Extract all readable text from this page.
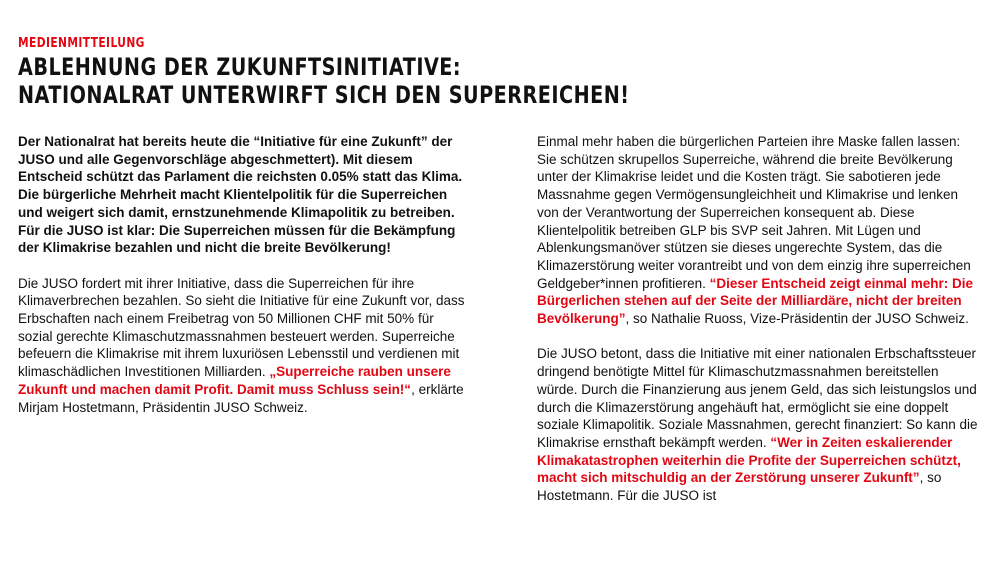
MEDIENMITTEILUNG
ABLEHNUNG DER ZUKUNFTSINITIATIVE:
NATIONALRAT UNTERWIRFT SICH DEN SUPERREICHEN!

Der Nationalrat hat bereits heute die “Initiative für eine Zukunft” der JUSO und alle Gegenvorschläge abgeschmettert). Mit diesem Entscheid schützt das Parlament die reichsten 0.05% statt das Klima. Die bürgerliche Mehrheit macht Klientelpolitik für die Superreichen und weigert sich damit, ernstzunehmende Klimapolitik zu betreiben. Für die JUSO ist klar: Die Superreichen müssen für die Bekämpfung der Klimakrise bezahlen und nicht die breite Bevölkerung!

Die JUSO fordert mit ihrer Initiative, dass die Superreichen für ihre Klimaverbrechen bezahlen. So sieht die Initiative für eine Zukunft vor, dass Erbschaften nach einem Freibetrag von 50 Millionen CHF mit 50% für sozial gerechte Klimaschutzmassnahmen besteuert werden. Superreiche befeuern die Klimakrise mit ihrem luxuriösen Lebensstil und verdienen mit klimaschädlichen Investitionen Milliarden. „Superreiche rauben unsere Zukunft und machen damit Profit. Damit muss Schluss sein!“, erklärte Mirjam Hostetmann, Präsidentin JUSO Schweiz.

Einmal mehr haben die bürgerlichen Parteien ihre Maske fallen lassen: Sie schützen skrupellos Superreiche, während die breite Bevölkerung unter der Klimakrise leidet und die Kosten trägt. Sie sabotieren jede Massnahme gegen Vermögensungleichheit und Klimakrise und lenken von der Verantwortung der Superreichen konsequent ab. Diese Klientelpolitik betreiben GLP bis SVP seit Jahren. Mit Lügen und Ablenkungsmanöver stützen sie dieses ungerechte System, das die Klimazerstörung weiter vorantreibt und von dem einzig ihre superreichen Geldgeber*innen profitieren. “Dieser Entscheid zeigt einmal mehr: Die Bürgerlichen stehen auf der Seite der Milliardäre, nicht der breiten Bevölkerung”, so Nathalie Ruoss, Vize-Präsidentin der JUSO Schweiz.

Die JUSO betont, dass die Initiative mit einer nationalen Erbschaftssteuer dringend benötigte Mittel für Klimaschutzmassnahmen bereitstellen würde. Durch die Finanzierung aus jenem Geld, das sich leistungslos und durch die Klimazerstörung angehäuft hat, ermöglicht sie eine doppelt soziale Klimapolitik. Soziale Massnahmen, gerecht finanziert: So kann die Klimakrise ernsthaft bekämpft werden. “Wer in Zeiten eskalierender Klimakatastrophen weiterhin die Profite der Superreichen schützt, macht sich mitschuldig an der Zerstörung unserer Zukunft”, so Hostetmann. Für die JUSO ist
